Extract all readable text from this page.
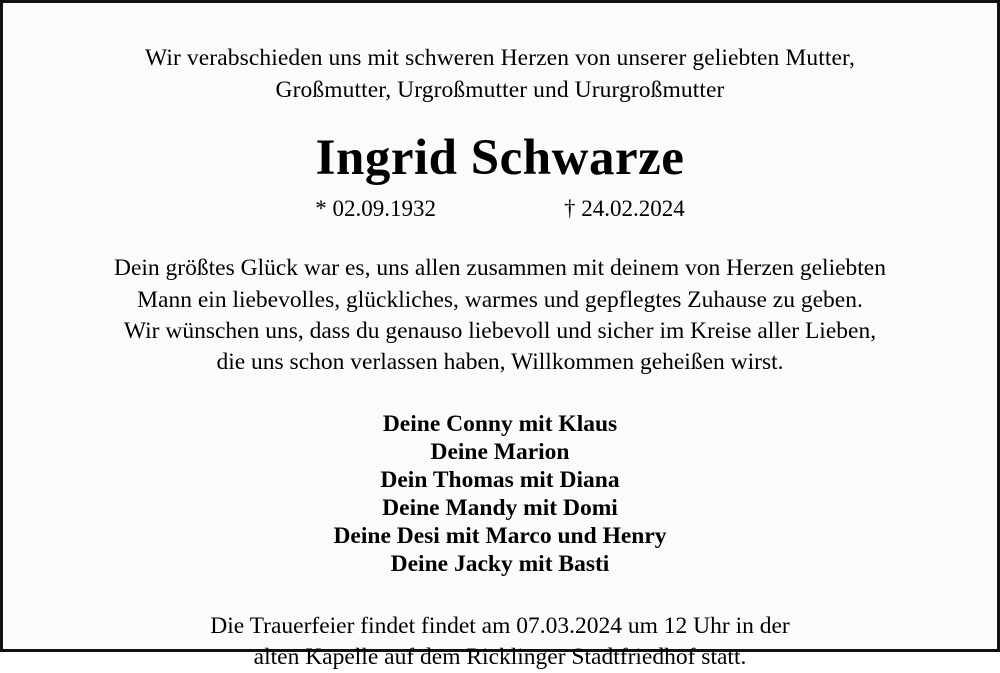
Wir verabschieden uns mit schweren Herzen von unserer geliebten Mutter,
Großmutter, Urgroßmutter und Ururgroßmutter
Ingrid Schwarze
* 02.09.1932	† 24.02.2024
Dein größtes Glück war es, uns allen zusammen mit deinem von Herzen geliebten
Mann ein liebevolles, glückliches, warmes und gepflegtes Zuhause zu geben.
Wir wünschen uns, dass du genauso liebevoll und sicher im Kreise aller Lieben,
die uns schon verlassen haben, Willkommen geheißen wirst.
Deine Conny mit Klaus
Deine Marion
Dein Thomas mit Diana
Deine Mandy mit Domi
Deine Desi mit Marco und Henry
Deine Jacky mit Basti
Die Trauerfeier findet findet am 07.03.2024 um 12 Uhr in der
alten Kapelle auf dem Ricklinger Stadtfriedhof statt.
